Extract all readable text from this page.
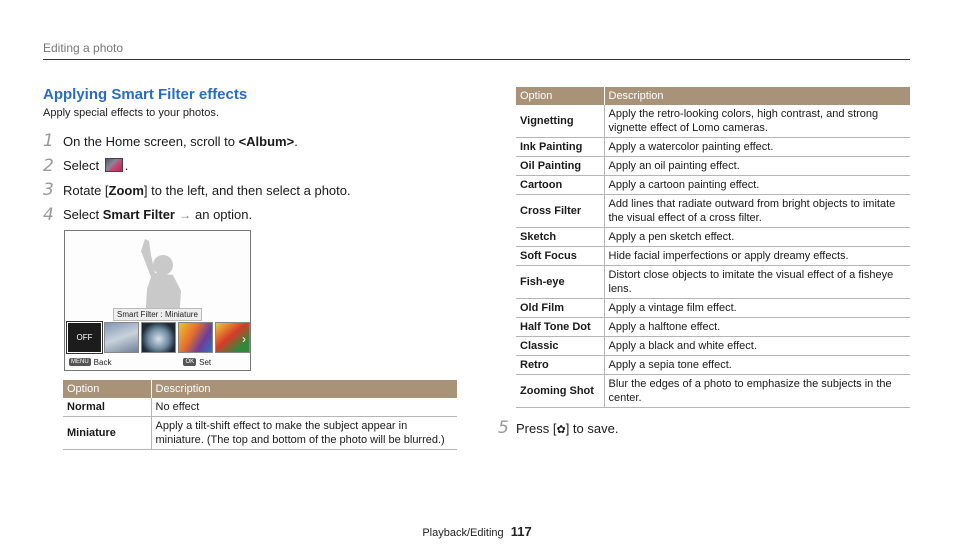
Editing a photo
Applying Smart Filter effects
Apply special effects to your photos.
1 On the Home screen, scroll to <Album>.
2 Select .
3 Rotate [Zoom] to the left, and then select a photo.
4 Select Smart Filter → an option.
Smart Filter : Miniature
OFF	›
MENU Back	OK Set
Option	Description
Normal	No effect
Miniature	Apply a tilt-shift effect to make the subject appear in miniature. (The top and bottom of the photo will be blurred.)
Option	Description
Vignetting	Apply the retro-looking colors, high contrast, and strong vignette effect of Lomo cameras.
Ink Painting	Apply a watercolor painting effect.
Oil Painting	Apply an oil painting effect.
Cartoon	Apply a cartoon painting effect.
Cross Filter	Add lines that radiate outward from bright objects to imitate the visual effect of a cross filter.
Sketch	Apply a pen sketch effect.
Soft Focus	Hide facial imperfections or apply dreamy effects.
Fish-eye	Distort close objects to imitate the visual effect of a fisheye lens.
Old Film	Apply a vintage film effect.
Half Tone Dot	Apply a halftone effect.
Classic	Apply a black and white effect.
Retro	Apply a sepia tone effect.
Zooming Shot	Blur the edges of a photo to emphasize the subjects in the center.
5 Press [✿] to save.
Playback/Editing 117
